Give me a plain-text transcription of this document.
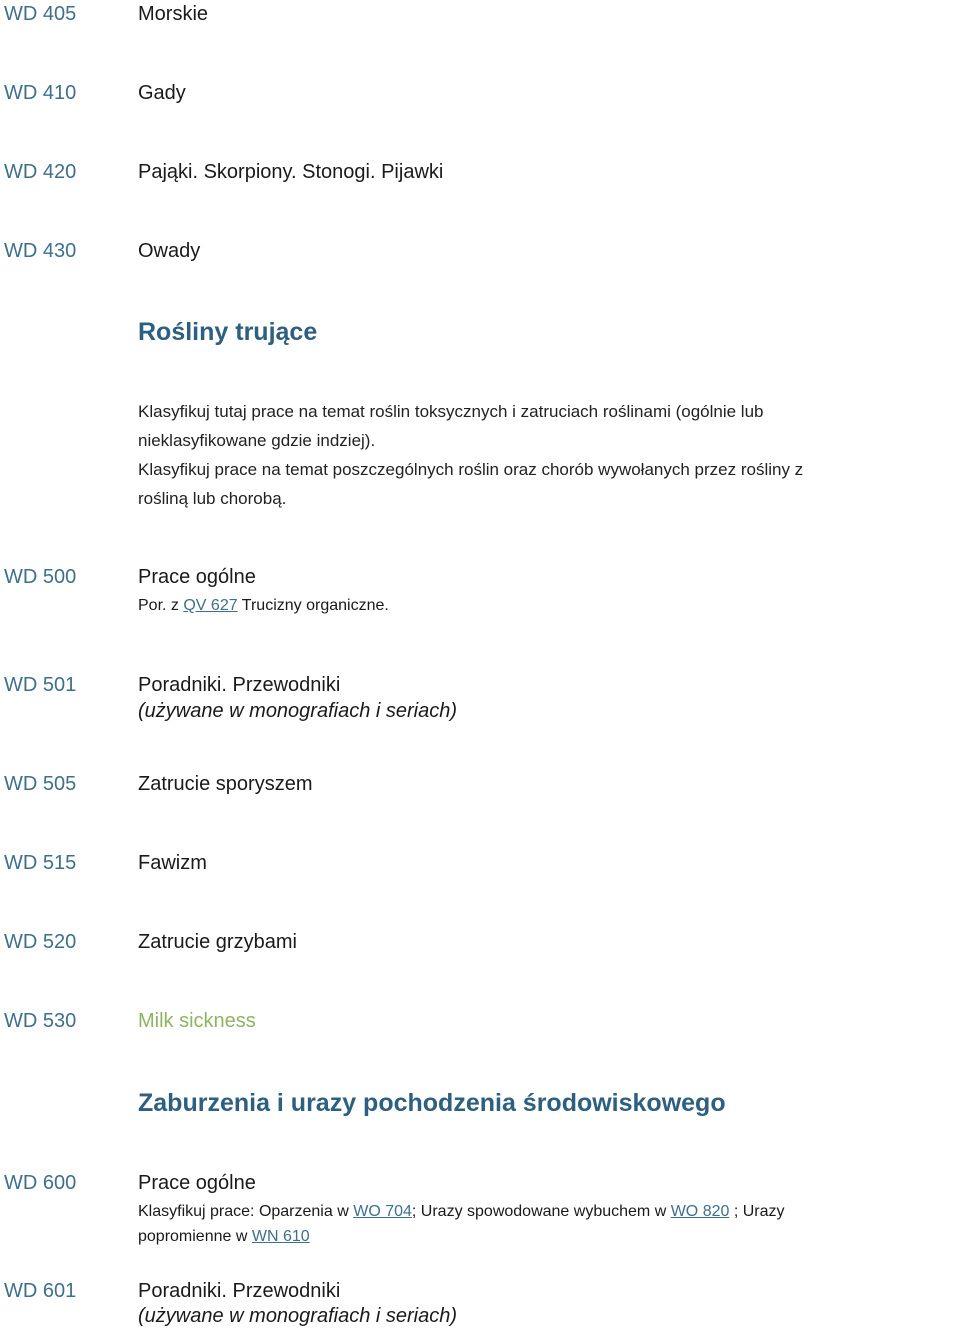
WD 405	Morskie
WD 410	Gady
WD 420	Pająki. Skorpiony. Stonogi. Pijawki
WD 430	Owady
Rośliny trujące
Klasyfikuj tutaj prace na temat roślin toksycznych i zatruciach roślinami (ogólnie lub
nieklasyfikowane gdzie indziej).
Klasyfikuj prace na temat poszczególnych roślin oraz chorób wywołanych przez rośliny z
rośliną lub chorobą.
WD 500	Prace ogólne
Por. z QV 627 Trucizny organiczne.
WD 501	Poradniki. Przewodniki
(używane w monografiach i seriach)
WD 505	Zatrucie sporyszem
WD 515	Fawizm
WD 520	Zatrucie grzybami
WD 530	Milk sickness
Zaburzenia i urazy pochodzenia środowiskowego
WD 600	Prace ogólne
Klasyfikuj prace: Oparzenia w WO 704; Urazy spowodowane wybuchem w WO 820 ; Urazy
popromienne w WN 610
WD 601	Poradniki. Przewodniki
(używane w monografiach i seriach)
